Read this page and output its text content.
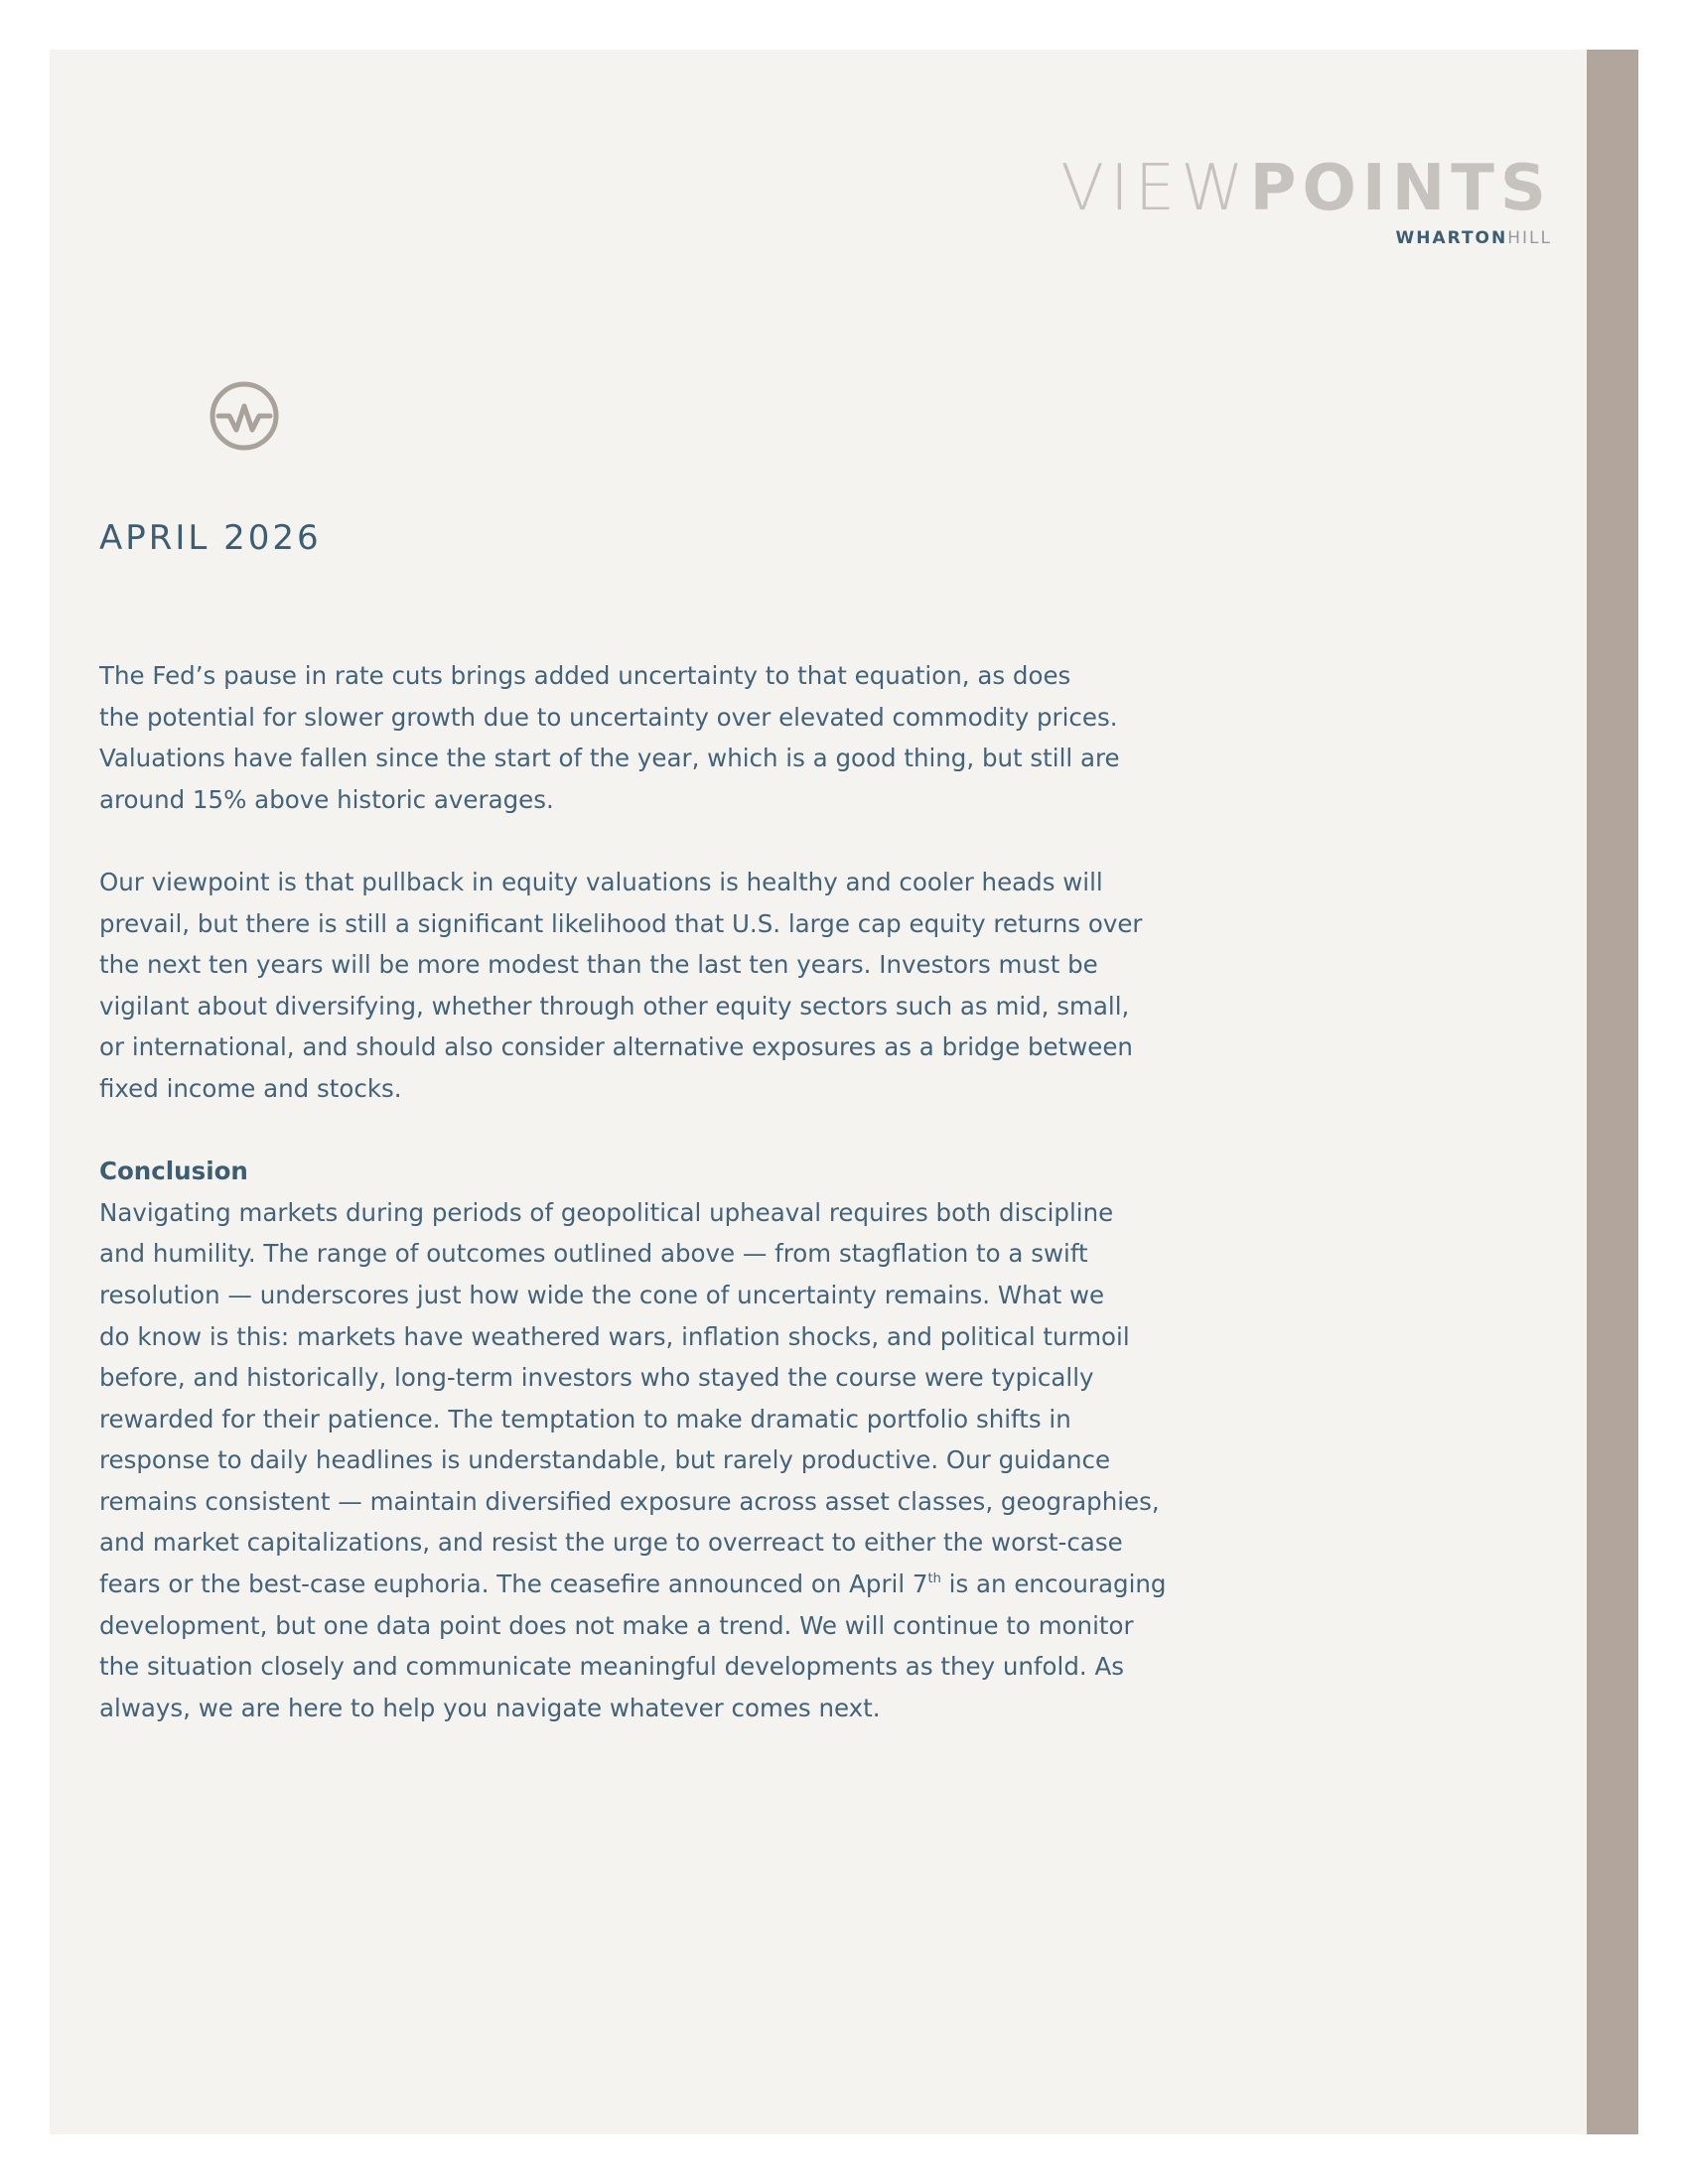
VIEWPOINTS
WHARTONHILL
APRIL 2026

The Fed’s pause in rate cuts brings added uncertainty to that equation, as does
the potential for slower growth due to uncertainty over elevated commodity prices.
Valuations have fallen since the start of the year, which is a good thing, but still are
around 15% above historic averages.

Our viewpoint is that pullback in equity valuations is healthy and cooler heads will
prevail, but there is still a significant likelihood that U.S. large cap equity returns over
the next ten years will be more modest than the last ten years. Investors must be
vigilant about diversifying, whether through other equity sectors such as mid, small,
or international, and should also consider alternative exposures as a bridge between
fixed income and stocks.

Conclusion
Navigating markets during periods of geopolitical upheaval requires both discipline
and humility. The range of outcomes outlined above — from stagflation to a swift
resolution — underscores just how wide the cone of uncertainty remains. What we
do know is this: markets have weathered wars, inflation shocks, and political turmoil
before, and historically, long-term investors who stayed the course were typically
rewarded for their patience. The temptation to make dramatic portfolio shifts in
response to daily headlines is understandable, but rarely productive. Our guidance
remains consistent — maintain diversified exposure across asset classes, geographies,
and market capitalizations, and resist the urge to overreact to either the worst-case
fears or the best-case euphoria. The ceasefire announced on April 7th is an encouraging
development, but one data point does not make a trend. We will continue to monitor
the situation closely and communicate meaningful developments as they unfold. As
always, we are here to help you navigate whatever comes next.
